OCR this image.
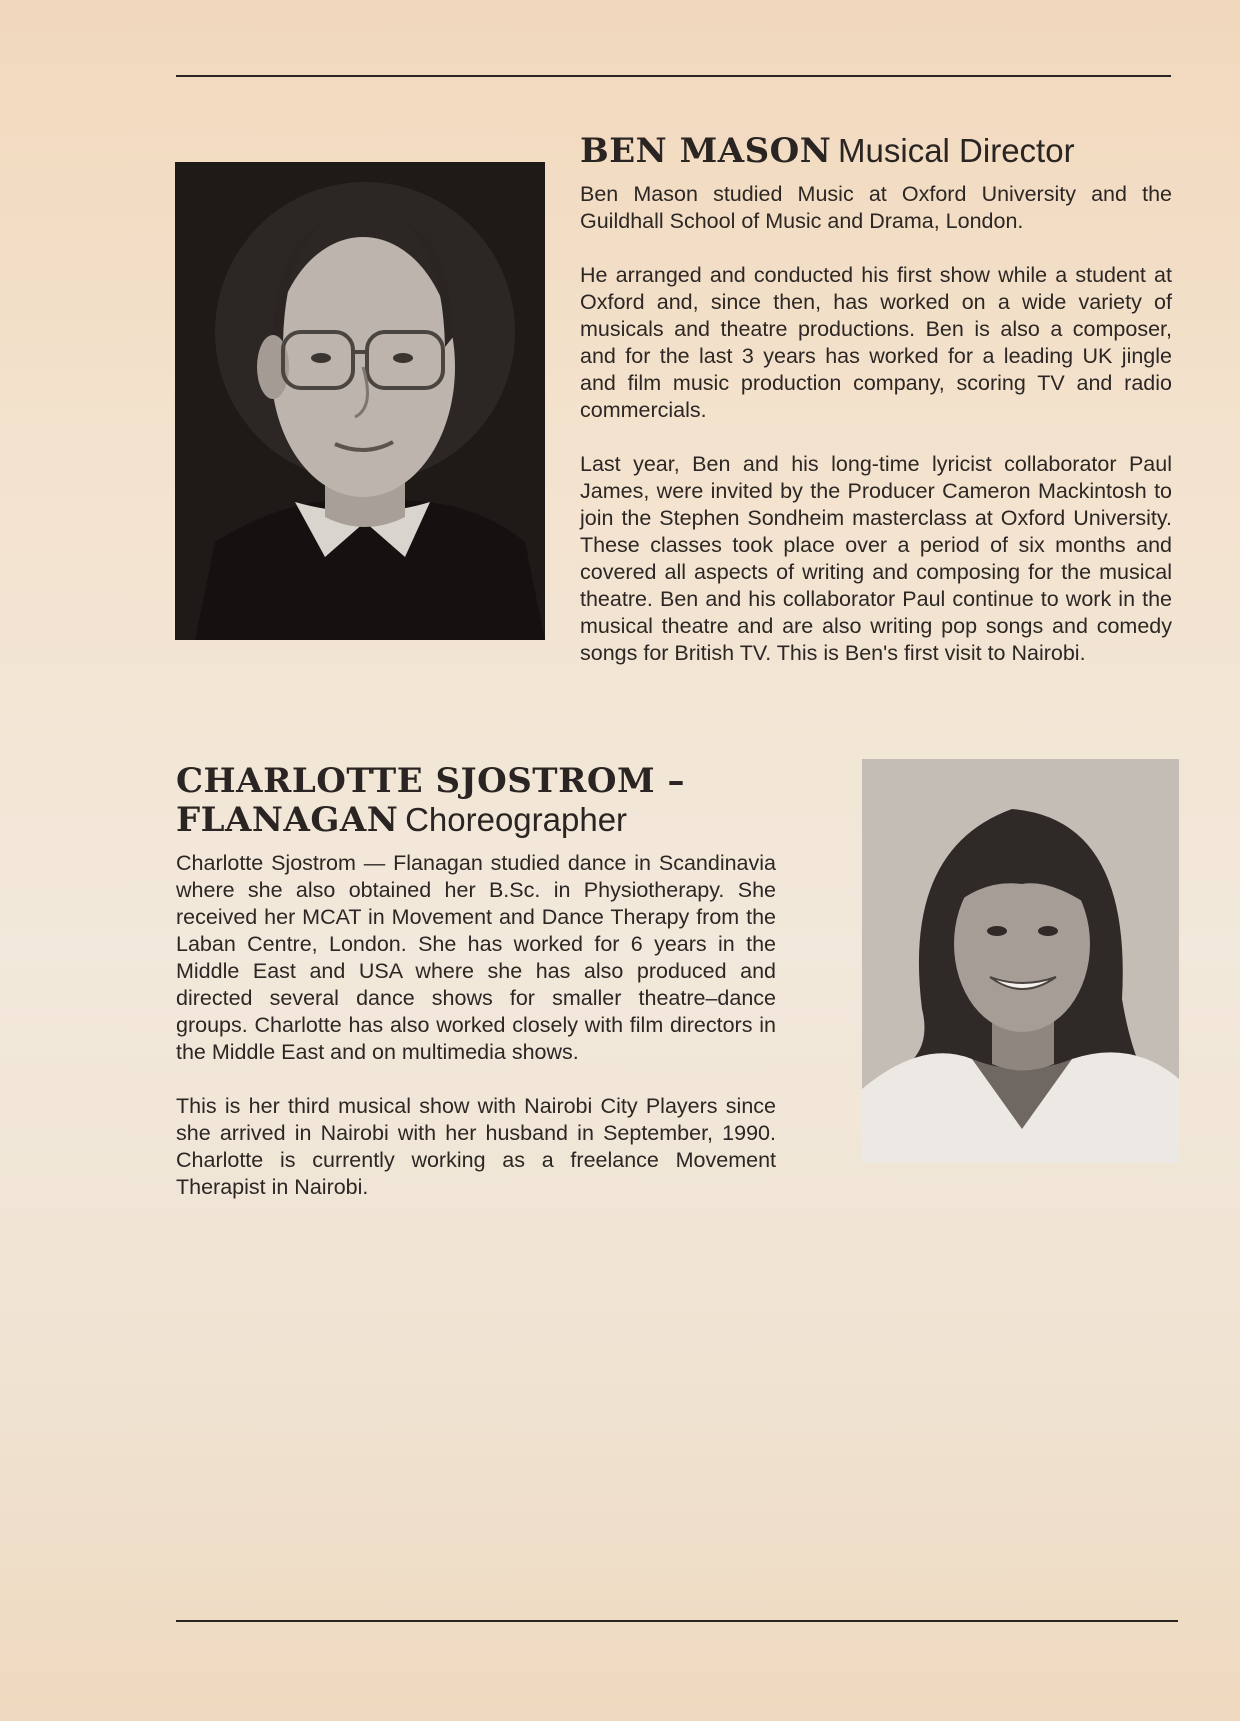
BEN MASON Musical Director

Ben Mason studied Music at Oxford University and the Guildhall School of Music and Drama, London.

He arranged and conducted his first show while a student at Oxford and, since then, has worked on a wide variety of musicals and theatre productions. Ben is also a composer, and for the last 3 years has worked for a leading UK jingle and film music production company, scoring TV and radio commercials.

Last year, Ben and his long-time lyricist collaborator Paul James, were invited by the Producer Cameron Mackintosh to join the Stephen Sondheim masterclass at Oxford University. These classes took place over a period of six months and covered all aspects of writing and composing for the musical theatre. Ben and his collaborator Paul continue to work in the musical theatre and are also writing pop songs and comedy songs for British TV. This is Ben's first visit to Nairobi.

CHARLOTTE SJOSTROM –
FLANAGAN Choreographer

Charlotte Sjostrom — Flanagan studied dance in Scandinavia where she also obtained her B.Sc. in Physiotherapy. She received her MCAT in Movement and Dance Therapy from the Laban Centre, London. She has worked for 6 years in the Middle East and USA where she has also produced and directed several dance shows for smaller theatre–dance groups. Charlotte has also worked closely with film directors in the Middle East and on multimedia shows.

This is her third musical show with Nairobi City Players since she arrived in Nairobi with her husband in September, 1990. Charlotte is currently working as a freelance Movement Therapist in Nairobi.
